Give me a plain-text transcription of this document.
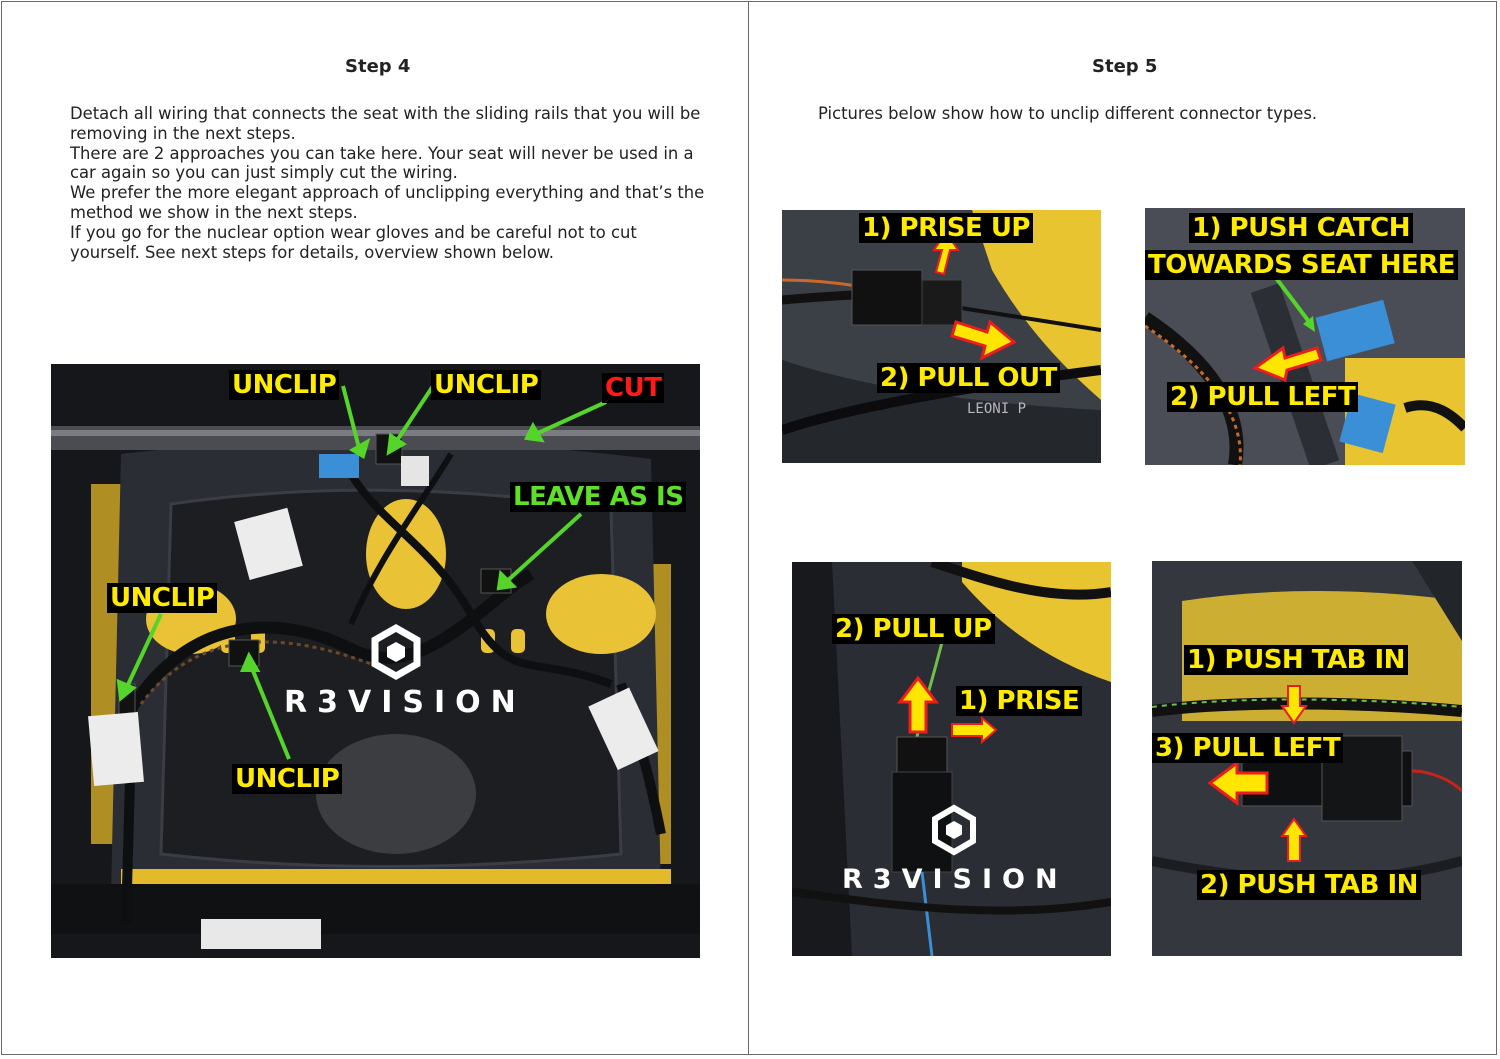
Step 4

Detach all wiring that connects the seat with the sliding rails that you will be removing in the next steps.

There are 2 approaches you can take here. Your seat will never be used in a car again so you can just simply cut the wiring.

We prefer the more elegant approach of unclipping everything and that’s the method we show in the next steps.

If you go for the nuclear option wear gloves and be careful not to cut yourself. See next steps for details, overview shown below.

UNCLIP	UNCLIP	CUT
LEAVE AS IS
UNCLIP
UNCLIP
R3VISION
Step 5
Pictures below show how to unclip different connector types.
LEONI P
1) PRISE UP
2) PULL OUT
1) PUSH CATCH
TOWARDS SEAT HERE
2) PULL LEFT
2) PULL UP
1) PRISE
R3VISION
1) PUSH TAB IN
3) PULL LEFT
2) PUSH TAB IN
